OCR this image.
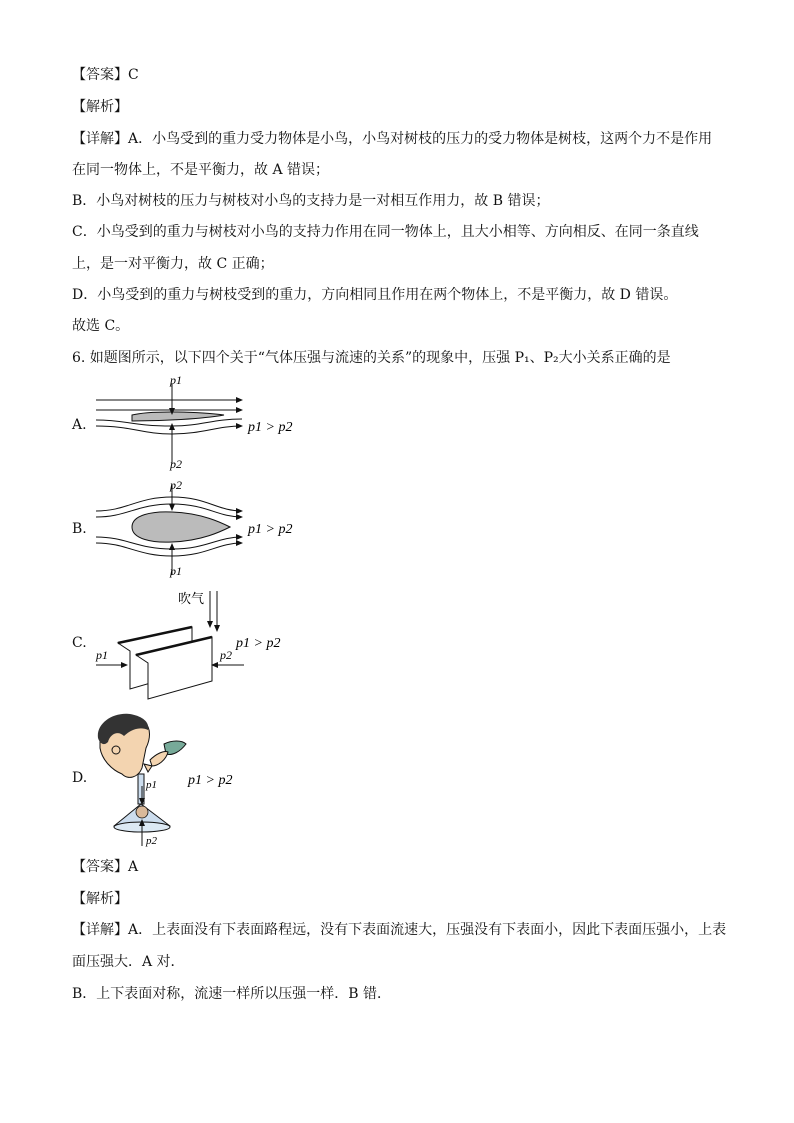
【答案】C
【解析】
【详解】A．小鸟受到的重力受力物体是小鸟，小鸟对树枝的压力的受力物体是树枝，这两个力不是作用
在同一物体上，不是平衡力，故 A 错误；
B．小鸟对树枝的压力与树枝对小鸟的支持力是一对相互作用力，故 B 错误；
C．小鸟受到的重力与树枝对小鸟的支持力作用在同一物体上，且大小相等、方向相反、在同一条直线
上，是一对平衡力，故 C 正确；
D．小鸟受到的重力与树枝受到的重力，方向相同且作用在两个物体上，不是平衡力，故 D 错误。
故选 C。
6. 如题图所示，以下四个关于“气体压强与流速的关系”的现象中，压强 P₁、P₂大小关系正确的是
A.
p1
p2
p1 > p2
B.
p2
p1
p1 > p2
C.
吹气
p1	p2
p1 > p2
D.	p1
p2
p1 > p2
【答案】A
【解析】
【详解】A．上表面没有下表面路程远，没有下表面流速大，压强没有下表面小，因此下表面压强小，上表
面压强大．A 对．
B．上下表面对称，流速一样所以压强一样．B 错．
